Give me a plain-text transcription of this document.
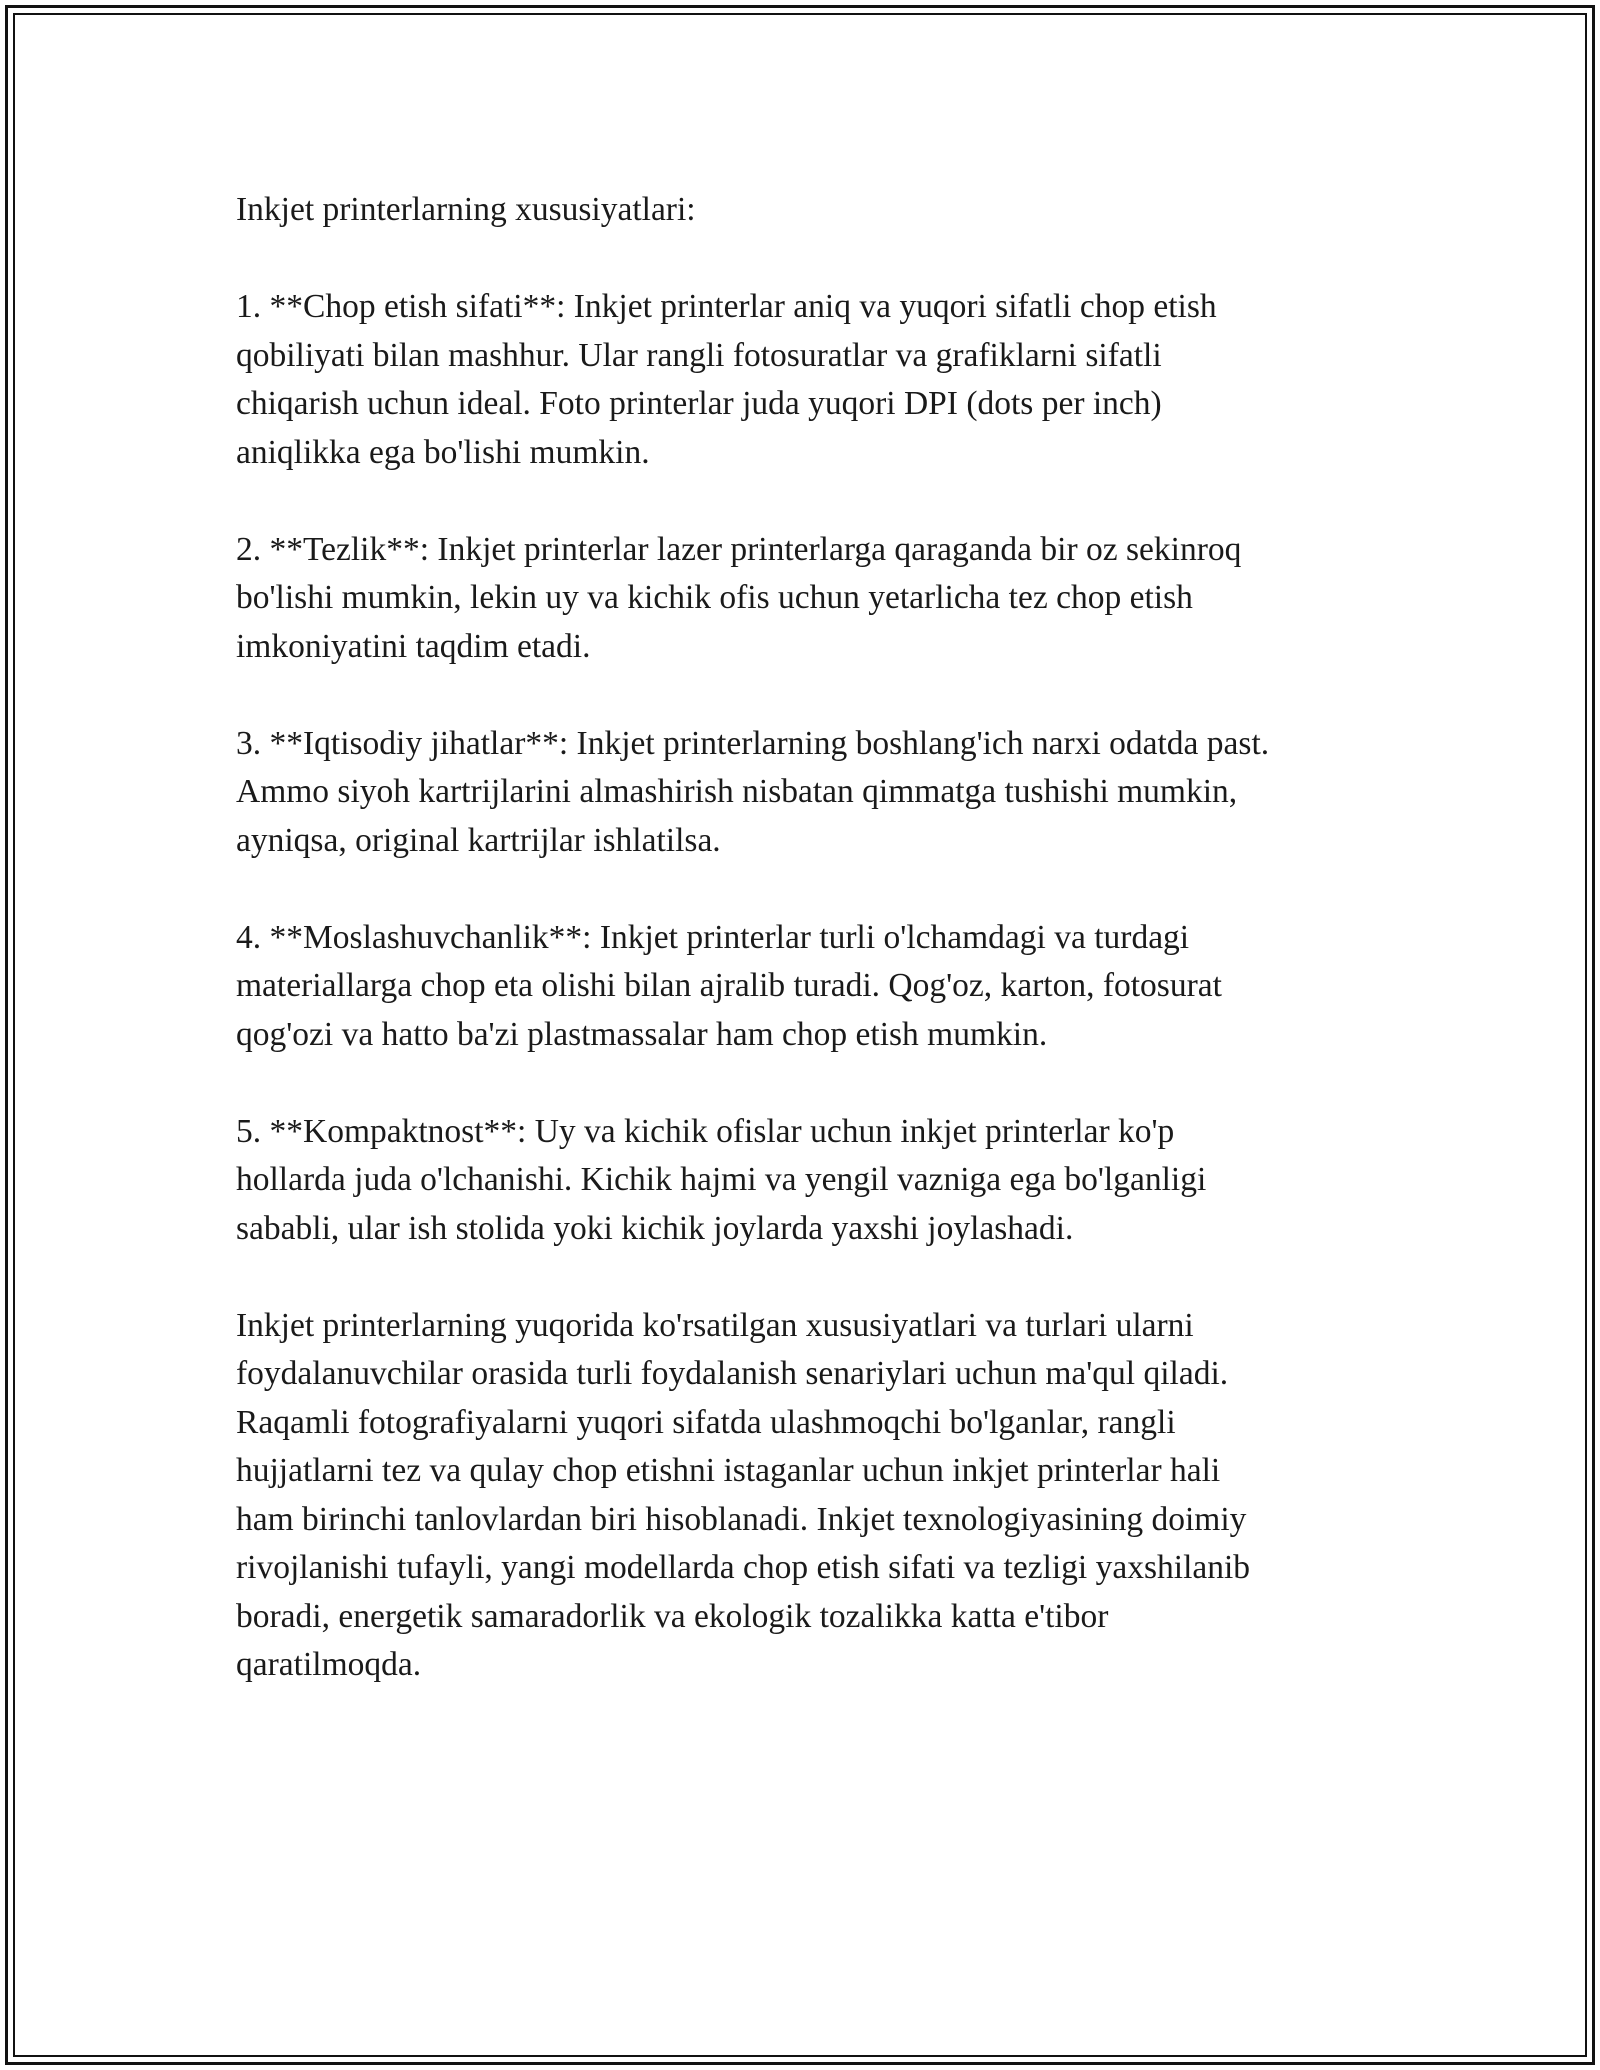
Inkjet printerlarning xususiyatlari:

1. **Chop etish sifati**: Inkjet printerlar aniq va yuqori sifatli chop etish
qobiliyati bilan mashhur. Ular rangli fotosuratlar va grafiklarni sifatli
chiqarish uchun ideal. Foto printerlar juda yuqori DPI (dots per inch)
aniqlikka ega bo'lishi mumkin.

2. **Tezlik**: Inkjet printerlar lazer printerlarga qaraganda bir oz sekinroq
bo'lishi mumkin, lekin uy va kichik ofis uchun yetarlicha tez chop etish
imkoniyatini taqdim etadi.

3. **Iqtisodiy jihatlar**: Inkjet printerlarning boshlang'ich narxi odatda past.
Ammo siyoh kartrijlarini almashirish nisbatan qimmatga tushishi mumkin,
ayniqsa, original kartrijlar ishlatilsa.

4. **Moslashuvchanlik**: Inkjet printerlar turli o'lchamdagi va turdagi
materiallarga chop eta olishi bilan ajralib turadi. Qog'oz, karton, fotosurat
qog'ozi va hatto ba'zi plastmassalar ham chop etish mumkin.

5. **Kompaktnost**: Uy va kichik ofislar uchun inkjet printerlar ko'p
hollarda juda o'lchanishi. Kichik hajmi va yengil vazniga ega bo'lganligi
sababli, ular ish stolida yoki kichik joylarda yaxshi joylashadi.

Inkjet printerlarning yuqorida ko'rsatilgan xususiyatlari va turlari ularni
foydalanuvchilar orasida turli foydalanish senariylari uchun ma'qul qiladi.
Raqamli fotografiyalarni yuqori sifatda ulashmoqchi bo'lganlar, rangli
hujjatlarni tez va qulay chop etishni istaganlar uchun inkjet printerlar hali
ham birinchi tanlovlardan biri hisoblanadi. Inkjet texnologiyasining doimiy
rivojlanishi tufayli, yangi modellarda chop etish sifati va tezligi yaxshilanib
boradi, energetik samaradorlik va ekologik tozalikka katta e'tibor
qaratilmoqda.
